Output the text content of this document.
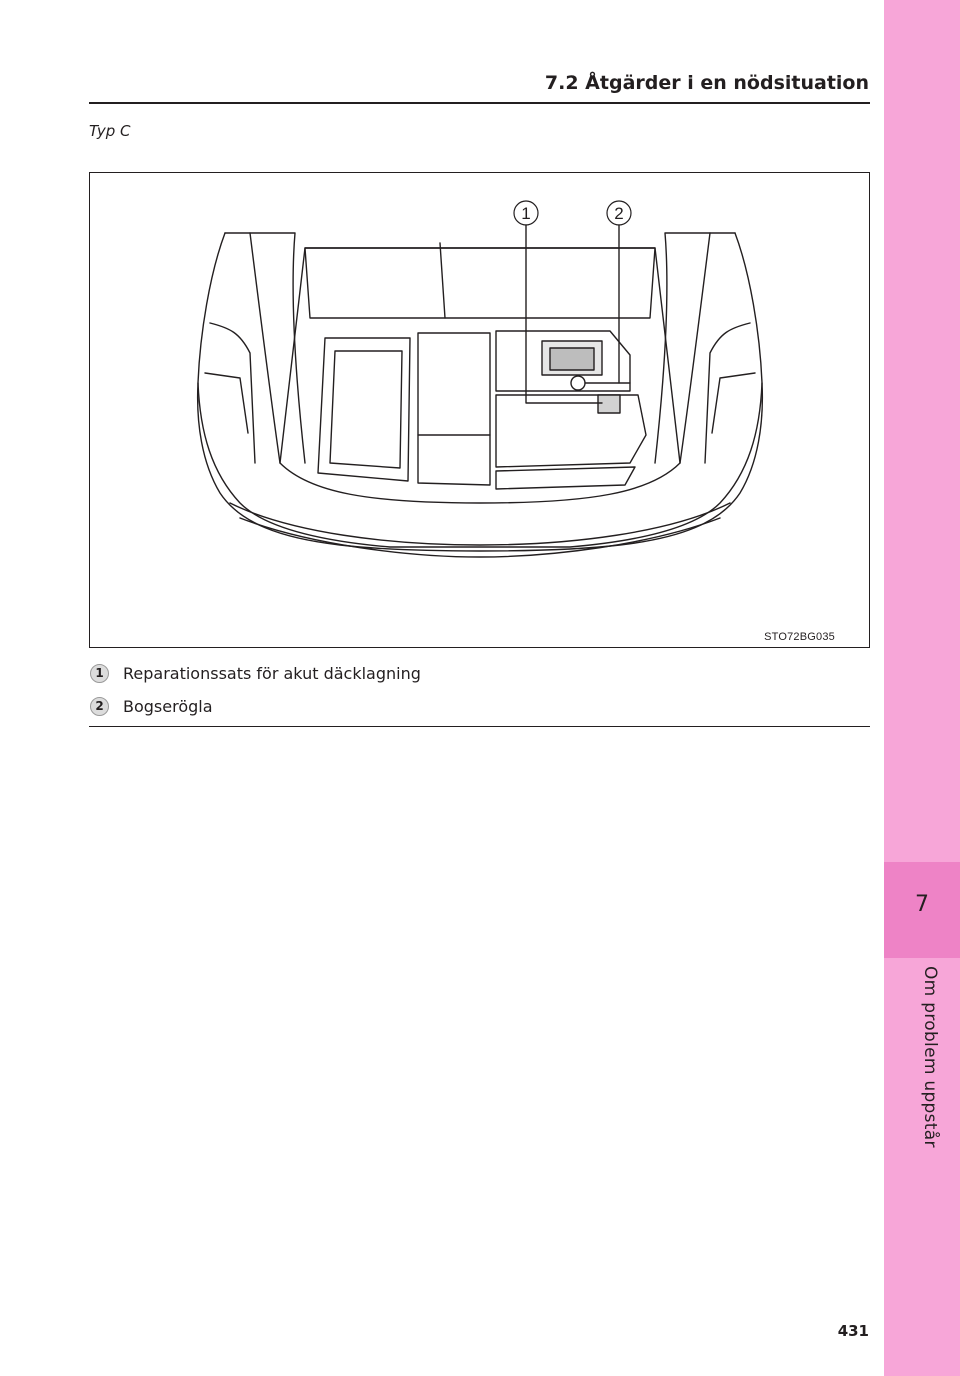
7.2 Åtgärder i en nödsituation
Typ C
1	2
STO72BG035
1	Reparationssats för akut däcklagning
2	Bogserögla
7
Om problem uppstår
431
